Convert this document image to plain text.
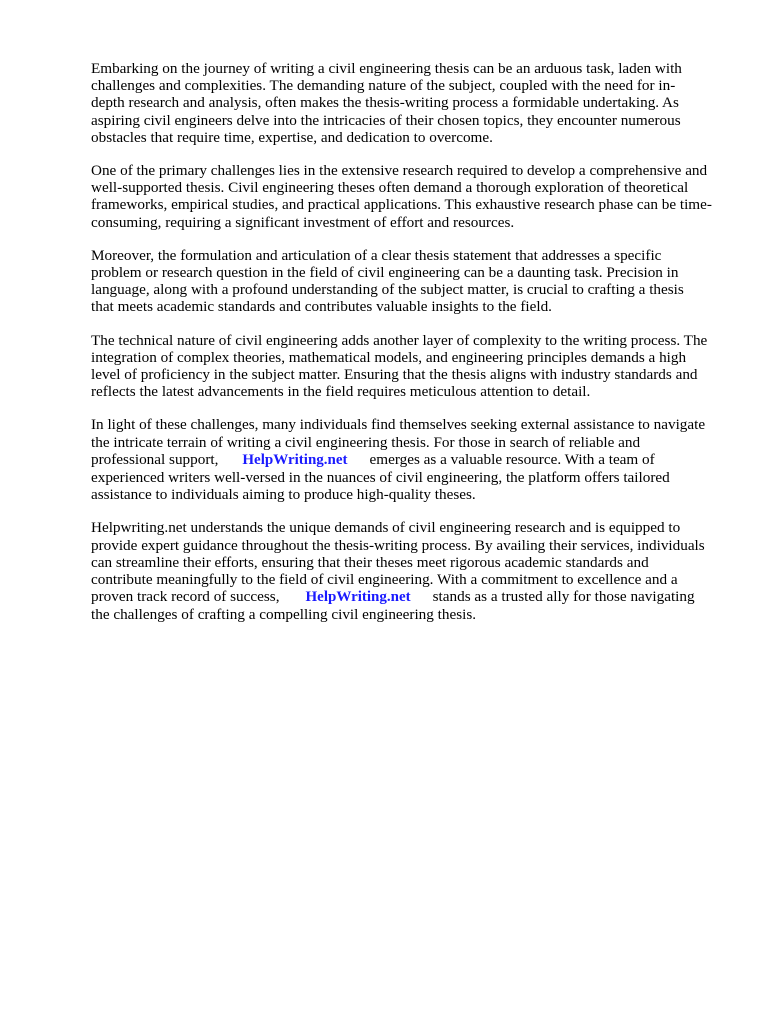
Embarking on the journey of writing a civil engineering thesis can be an arduous task, laden with
challenges and complexities. The demanding nature of the subject, coupled with the need for in-
depth research and analysis, often makes the thesis-writing process a formidable undertaking. As
aspiring civil engineers delve into the intricacies of their chosen topics, they encounter numerous
obstacles that require time, expertise, and dedication to overcome.

One of the primary challenges lies in the extensive research required to develop a comprehensive and
well-supported thesis. Civil engineering theses often demand a thorough exploration of theoretical
frameworks, empirical studies, and practical applications. This exhaustive research phase can be time-
consuming, requiring a significant investment of effort and resources.

Moreover, the formulation and articulation of a clear thesis statement that addresses a specific
problem or research question in the field of civil engineering can be a daunting task. Precision in
language, along with a profound understanding of the subject matter, is crucial to crafting a thesis
that meets academic standards and contributes valuable insights to the field.

The technical nature of civil engineering adds another layer of complexity to the writing process. The
integration of complex theories, mathematical models, and engineering principles demands a high
level of proficiency in the subject matter. Ensuring that the thesis aligns with industry standards and
reflects the latest advancements in the field requires meticulous attention to detail.

In light of these challenges, many individuals find themselves seeking external assistance to navigate
the intricate terrain of writing a civil engineering thesis. For those in search of reliable and
professional support, HelpWriting.net emerges as a valuable resource. With a team of
experienced writers well-versed in the nuances of civil engineering, the platform offers tailored
assistance to individuals aiming to produce high-quality theses.

Helpwriting.net understands the unique demands of civil engineering research and is equipped to
provide expert guidance throughout the thesis-writing process. By availing their services, individuals
can streamline their efforts, ensuring that their theses meet rigorous academic standards and
contribute meaningfully to the field of civil engineering. With a commitment to excellence and a
proven track record of success, HelpWriting.net stands as a trusted ally for those navigating
the challenges of crafting a compelling civil engineering thesis.
